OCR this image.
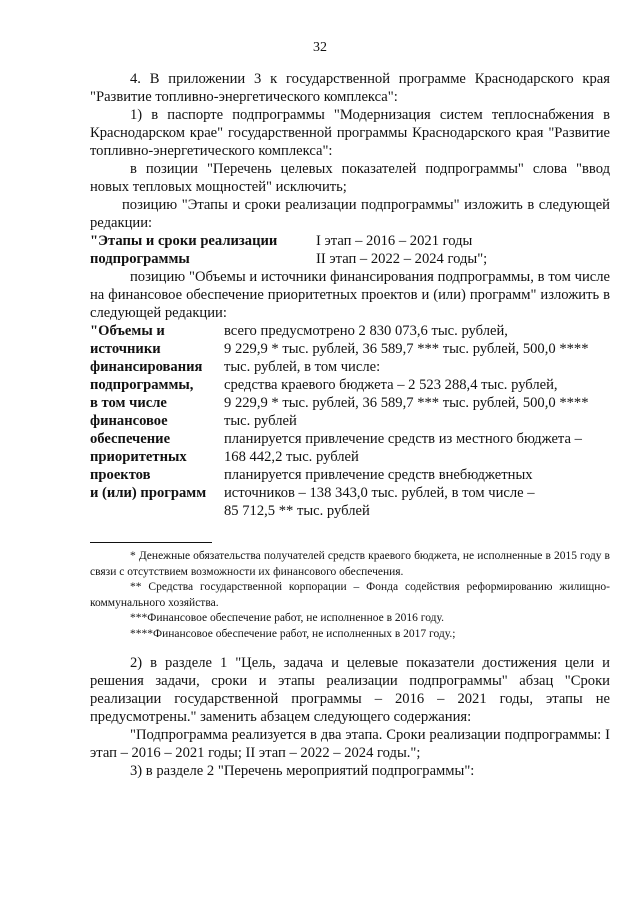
32

4. В приложении 3 к государственной программе Краснодарского края "Развитие топливно-энергетического комплекса":

1) в паспорте подпрограммы "Модернизация систем теплоснабжения в Краснодарском крае" государственной программы Краснодарского края "Развитие топливно-энергетического комплекса":

в позиции "Перечень целевых показателей подпрограммы" слова "ввод новых тепловых мощностей" исключить;

позицию "Этапы и сроки реализации подпрограммы" изложить в следующей редакции:

"Этапы и сроки реализации
подпрограммы
I этап – 2016 – 2021 годы
II этап – 2022 – 2024 годы";

позицию "Объемы и источники финансирования подпрограммы, в том числе на финансовое обеспечение приоритетных проектов и (или) программ" изложить в следующей редакции:

"Объемы и
источники
финансирования
подпрограммы,
в том числе
финансовое
обеспечение
приоритетных
проектов
и (или) программ
всего предусмотрено 2 830 073,6 тыс. рублей,
9 229,9 * тыс. рублей, 36 589,7 *** тыс. рублей, 500,0 ****
тыс. рублей, в том числе:
средства краевого бюджета – 2 523 288,4 тыс. рублей,
9 229,9 * тыс. рублей, 36 589,7 *** тыс. рублей, 500,0 ****
тыс. рублей
планируется привлечение средств из местного бюджета –
168 442,2 тыс. рублей
планируется привлечение средств внебюджетных
источников – 138 343,0 тыс. рублей, в том числе –
85 712,5 ** тыс. рублей

* Денежные обязательства получателей средств краевого бюджета, не исполненные в 2015 году в связи с отсутствием возможности их финансового обеспечения.

** Средства государственной корпорации – Фонда содействия реформированию жилищно-коммунального хозяйства.

***Финансовое обеспечение работ, не исполненное в 2016 году.

****Финансовое обеспечение работ, не исполненных в 2017 году.;

2) в разделе 1 "Цель, задача и целевые показатели достижения цели и решения задачи, сроки и этапы реализации подпрограммы" абзац "Сроки реализации государственной программы – 2016 – 2021 годы, этапы не предусмотрены." заменить абзацем следующего содержания:

"Подпрограмма реализуется в два этапа. Сроки реализации подпрограммы: I этап – 2016 – 2021 годы; II этап – 2022 – 2024 годы.";

3) в разделе 2 "Перечень мероприятий подпрограммы":
